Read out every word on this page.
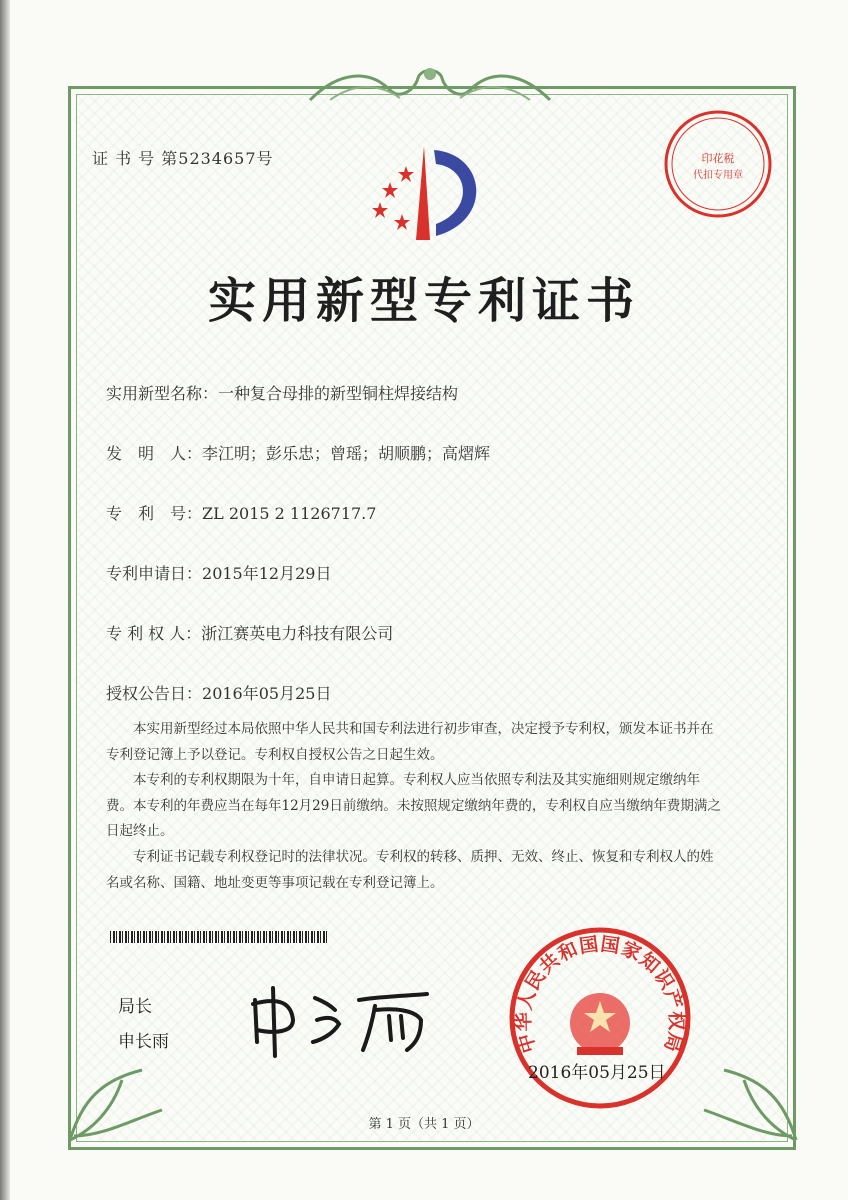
证 书 号 第5234657号	印花税
代扣专用章
实用新型专利证书
实用新型名称：一种复合母排的新型铜柱焊接结构
发　明　人：李江明；彭乐忠；曾瑶；胡顺鹏；高熠辉
专　利　号：ZL 2015 2 1126717.7
专利申请日：2015年12月29日
专 利 权 人：浙江赛英电力科技有限公司
授权公告日：2016年05月25日
本实用新型经过本局依照中华人民共和国专利法进行初步审查，决定授予专利权，颁发本证书并在专利登记簿上予以登记。专利权自授权公告之日起生效。
本专利的专利权期限为十年，自申请日起算。专利权人应当依照专利法及其实施细则规定缴纳年费。本专利的年费应当在每年12月29日前缴纳。未按照规定缴纳年费的，专利权自应当缴纳年费期满之日起终止。
专利证书记载专利权登记时的法律状况。专利权的转移、质押、无效、终止、恢复和专利权人的姓名或名称、国籍、地址变更等事项记载在专利登记簿上。
局长
申长雨	中华人民共和国国家知识产权局
2016年05月25日
第 1 页（共 1 页）
